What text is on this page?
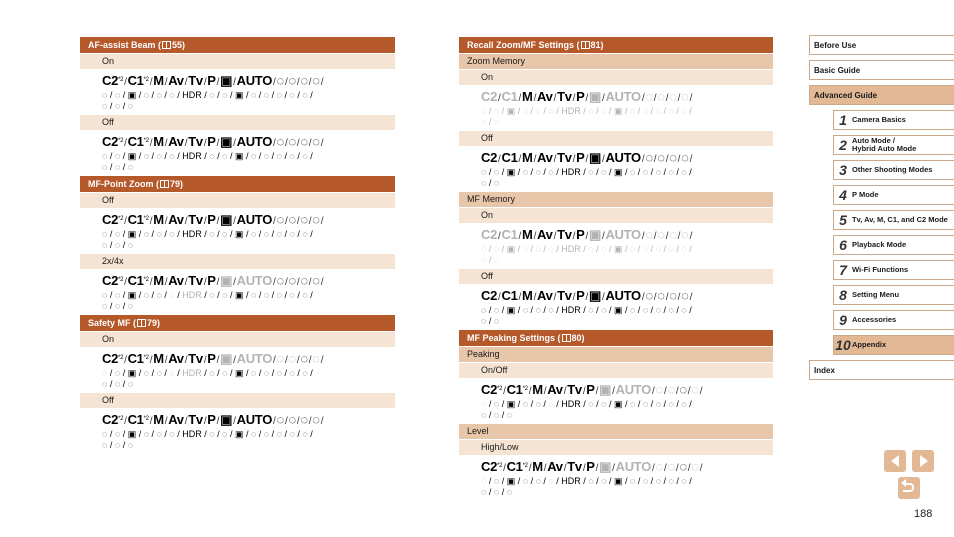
AF-assist Beam ( 55)
On
C2$^{*2}$/C1$^{*2}$/M/Av/Tv/P/▣/AUTO/◌/◌/◌/◌/
◌ / ◌ / ▣ / ◌ / ◌ / ◌ / HDR / ◌ / ◌ / ▣ / ◌ / ◌ / ◌ / ◌ / ◌ /
◌ / ◌ / ◌
Off
C2$^{*2}$/C1$^{*2}$/M/Av/Tv/P/▣/AUTO/◌/◌/◌/◌/
◌ / ◌ / ▣ / ◌ / ◌ / ◌ / HDR / ◌ / ◌ / ▣ / ◌ / ◌ / ◌ / ◌ / ◌ /
◌ / ◌ / ◌
MF-Point Zoom ( 79)
Off
C2$^{*2}$/C1$^{*2}$/M/Av/Tv/P/▣/AUTO/◌/◌/◌/◌/
◌ / ◌ / ▣ / ◌ / ◌ / ◌ / HDR / ◌ / ◌ / ▣ / ◌ / ◌ / ◌ / ◌ / ◌ /
◌ / ◌ / ◌
2x/4x
C2$^{*2}$/C1$^{*2}$/M/Av/Tv/P/▣/AUTO/◌/◌/◌/◌/
◌ / ◌ / ▣ / ◌ / ◌ / ◌ / HDR / ◌ / ◌ / ▣ / ◌ / ◌ / ◌ / ◌ / ◌ /
◌ / ◌ / ◌
Safety MF ( 79)
On
C2$^{*2}$/C1$^{*2}$/M/Av/Tv/P/▣/AUTO/◌/◌/◌/◌/
◌ / ◌ / ▣ / ◌ / ◌ / ◌ / HDR / ◌ / ◌ / ▣ / ◌ / ◌ / ◌ / ◌ / ◌ /
◌ / ◌ / ◌
Off
C2$^{*2}$/C1$^{*2}$/M/Av/Tv/P/▣/AUTO/◌/◌/◌/◌/
◌ / ◌ / ▣ / ◌ / ◌ / ◌ / HDR / ◌ / ◌ / ▣ / ◌ / ◌ / ◌ / ◌ / ◌ /
◌ / ◌ / ◌
Recall Zoom/MF Settings ( 81)
Zoom Memory
On
C2/C1/M/Av/Tv/P/▣/AUTO/◌/◌/◌/◌/
◌ / ◌ / ▣ / ◌ / ◌ / ◌ / HDR / ◌ / ◌ / ▣ / ◌ / ◌ / ◌ / ◌ / ◌ /
◌ / ◌
Off
C2/C1/M/Av/Tv/P/▣/AUTO/◌/◌/◌/◌/
◌ / ◌ / ▣ / ◌ / ◌ / ◌ / HDR / ◌ / ◌ / ▣ / ◌ / ◌ / ◌ / ◌ / ◌ /
◌ / ◌
MF Memory
On
C2/C1/M/Av/Tv/P/▣/AUTO/◌/◌/◌/◌/
◌ / ◌ / ▣ / ◌ / ◌ / ◌ / HDR / ◌ / ◌ / ▣ / ◌ / ◌ / ◌ / ◌ / ◌ /
◌ / ◌
Off
C2/C1/M/Av/Tv/P/▣/AUTO/◌/◌/◌/◌/
◌ / ◌ / ▣ / ◌ / ◌ / ◌ / HDR / ◌ / ◌ / ▣ / ◌ / ◌ / ◌ / ◌ / ◌ /
◌ / ◌
MF Peaking Settings ( 80)
Peaking
On/Off
C2$^{*2}$/C1$^{*2}$/M/Av/Tv/P/▣/AUTO/◌/◌/◌/◌/
◌ / ◌ / ▣ / ◌ / ◌ / ◌ / HDR / ◌ / ◌ / ▣ / ◌ / ◌ / ◌ / ◌ / ◌ /
◌ / ◌ / ◌
Level
High/Low
C2$^{*2}$/C1$^{*2}$/M/Av/Tv/P/▣/AUTO/◌/◌/◌/◌/
◌ / ◌ / ▣ / ◌ / ◌ / ◌ / HDR / ◌ / ◌ / ▣ / ◌ / ◌ / ◌ / ◌ / ◌ /
◌ / ◌ / ◌
Before Use
Basic Guide
Advanced Guide
1 Camera Basics
2 Auto Mode /
Hybrid Auto Mode
3 Other Shooting Modes
4 P Mode
5 Tv, Av, M, C1, and C2 Mode
6 Playback Mode
7 Wi-Fi Functions
8 Setting Menu
9 Accessories
10 Appendix
Index
188
